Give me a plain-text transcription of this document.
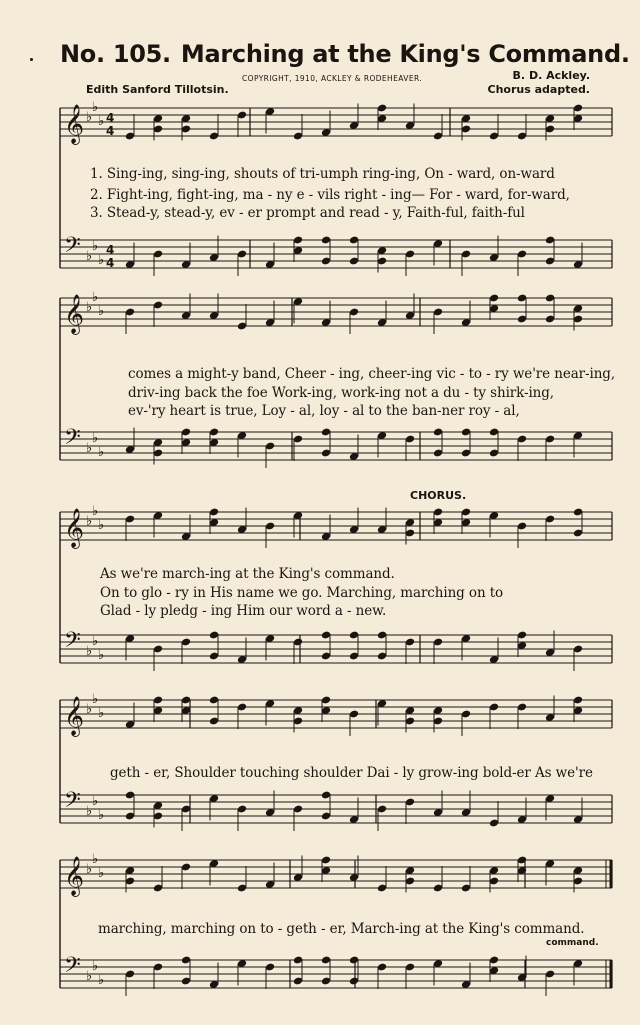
No. 105. Marching at the King's Command.
COPYRIGHT, 1910, ACKLEY & RODEHEAVER.
Edith Sanford Tillotsin.
B. D. Ackley.
Chorus adapted.
𝄞 ♭
♭
♭ 4
4
𝄢 ♭
♭
♭
4
4
𝄞 ♭
♭
♭
𝄢 ♭
♭
♭
𝄞 ♭
♭
♭
𝄢 ♭
♭
♭
𝄞 ♭
♭
♭
𝄢 ♭
♭
♭
𝄞 ♭
♭
♭
𝄢 ♭
♭
♭
1. Sing-ing, sing-ing, shouts of tri-umph ring-ing, On - ward, on-ward
2. Fight-ing, fight-ing, ma - ny e - vils right - ing— For - ward, for-ward,
3. Stead-y, stead-y, ev - er prompt and read - y, Faith-ful, faith-ful
comes a might-y band, Cheer - ing, cheer-ing vic - to - ry we're near-ing,
driv-ing back the foe Work-ing, work-ing not a du - ty shirk-ing,
ev-'ry heart is true, Loy - al, loy - al to the ban-ner roy - al,
CHORUS.
As we're march-ing at the King's command.
On to glo - ry in His name we go. Marching, marching on to
Glad - ly pledg - ing Him our word a - new.
geth - er, Shoulder touching shoulder Dai - ly grow-ing bold-er As we're
marching, marching on to - geth - er, March-ing at the King's command.
command.
